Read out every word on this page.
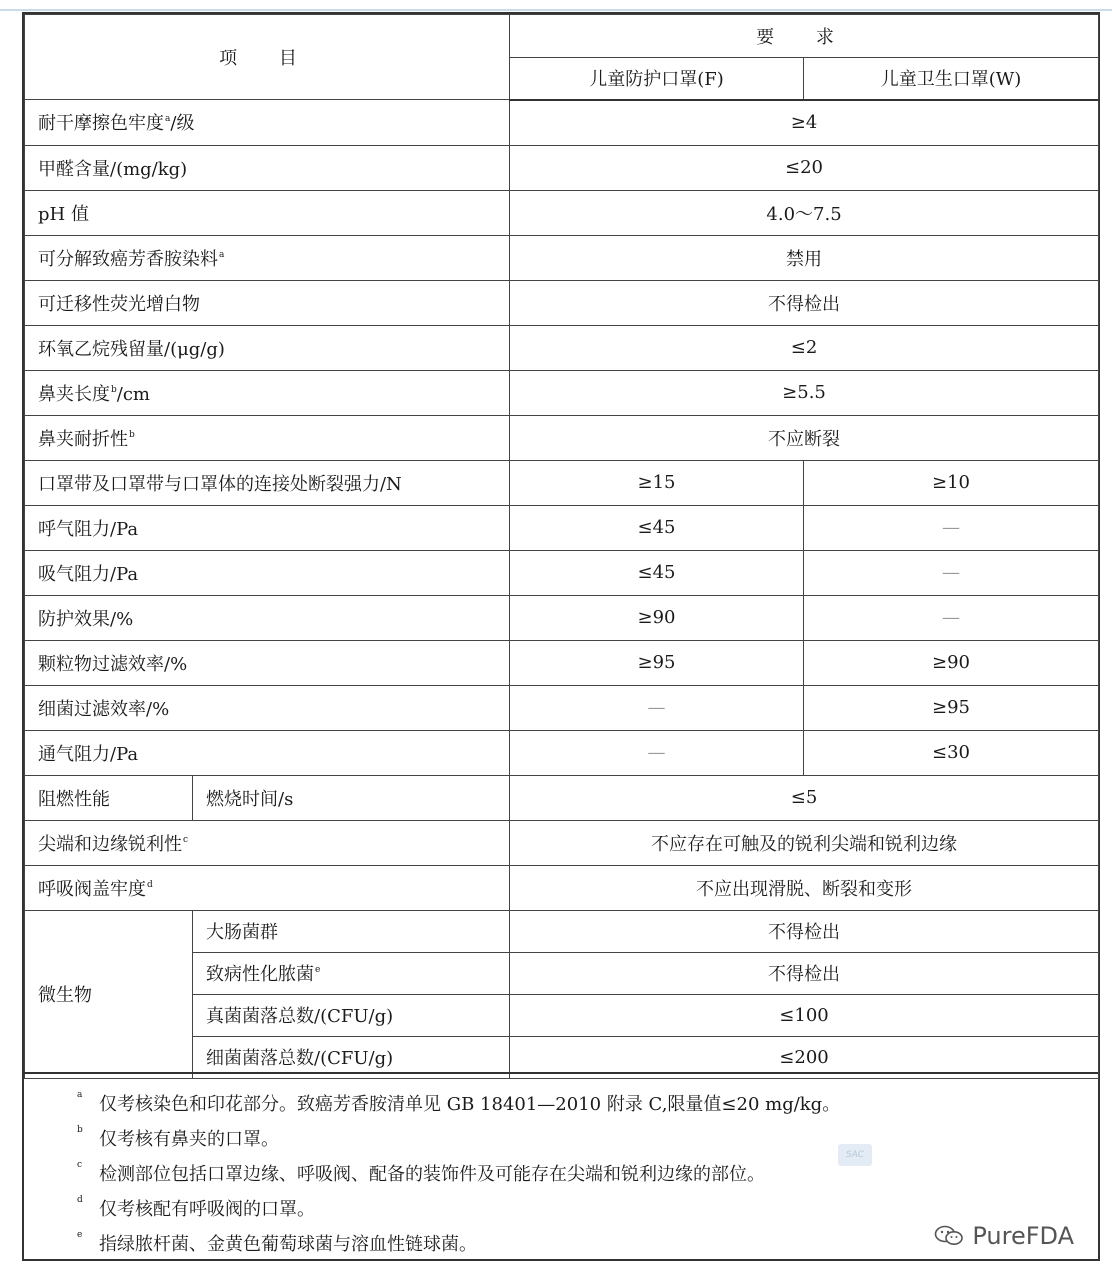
项 目		要 求	
		儿童防护口罩(F)	儿童卫生口罩(W)
耐干摩擦色牢度$^a$/级		≥4	
甲醛含量/(mg/kg)		≤20	
pH 值		4.0～7.5	
可分解致癌芳香胺染料$^a$		禁用	
可迁移性荧光增白物		不得检出	
环氧乙烷残留量/(μg/g)		≤2	
鼻夹长度$^b$/cm		≥5.5	
鼻夹耐折性$^b$		不应断裂	
口罩带及口罩带与口罩体的连接处断裂强力/N		≥15	≥10
呼气阻力/Pa		≤45	—
吸气阻力/Pa		≤45	—
防护效果/%		≥90	—
颗粒物过滤效率/%		≥95	≥90
细菌过滤效率/%		—	≥95
通气阻力/Pa		—	≤30
阻燃性能	燃烧时间/s	≤5	
尖端和边缘锐利性$^c$		不应存在可触及的锐利尖端和锐利边缘	
呼吸阀盖牢度$^d$		不应出现滑脱、断裂和变形	
微生物	大肠菌群	不得检出	
	致病性化脓菌$^e$	不得检出	
	真菌菌落总数/(CFU/g)	≤100	
	细菌菌落总数/(CFU/g)	≤200	
a 仅考核染色和印花部分。致癌芳香胺清单见 GB 18401—2010 附录 C,限量值≤20 mg/kg。
b 仅考核有鼻夹的口罩。
c 检测部位包括口罩边缘、呼吸阀、配备的装饰件及可能存在尖端和锐利边缘的部位。
d 仅考核配有呼吸阀的口罩。
e 指绿脓杆菌、金黄色葡萄球菌与溶血性链球菌。
SAC
PureFDA
